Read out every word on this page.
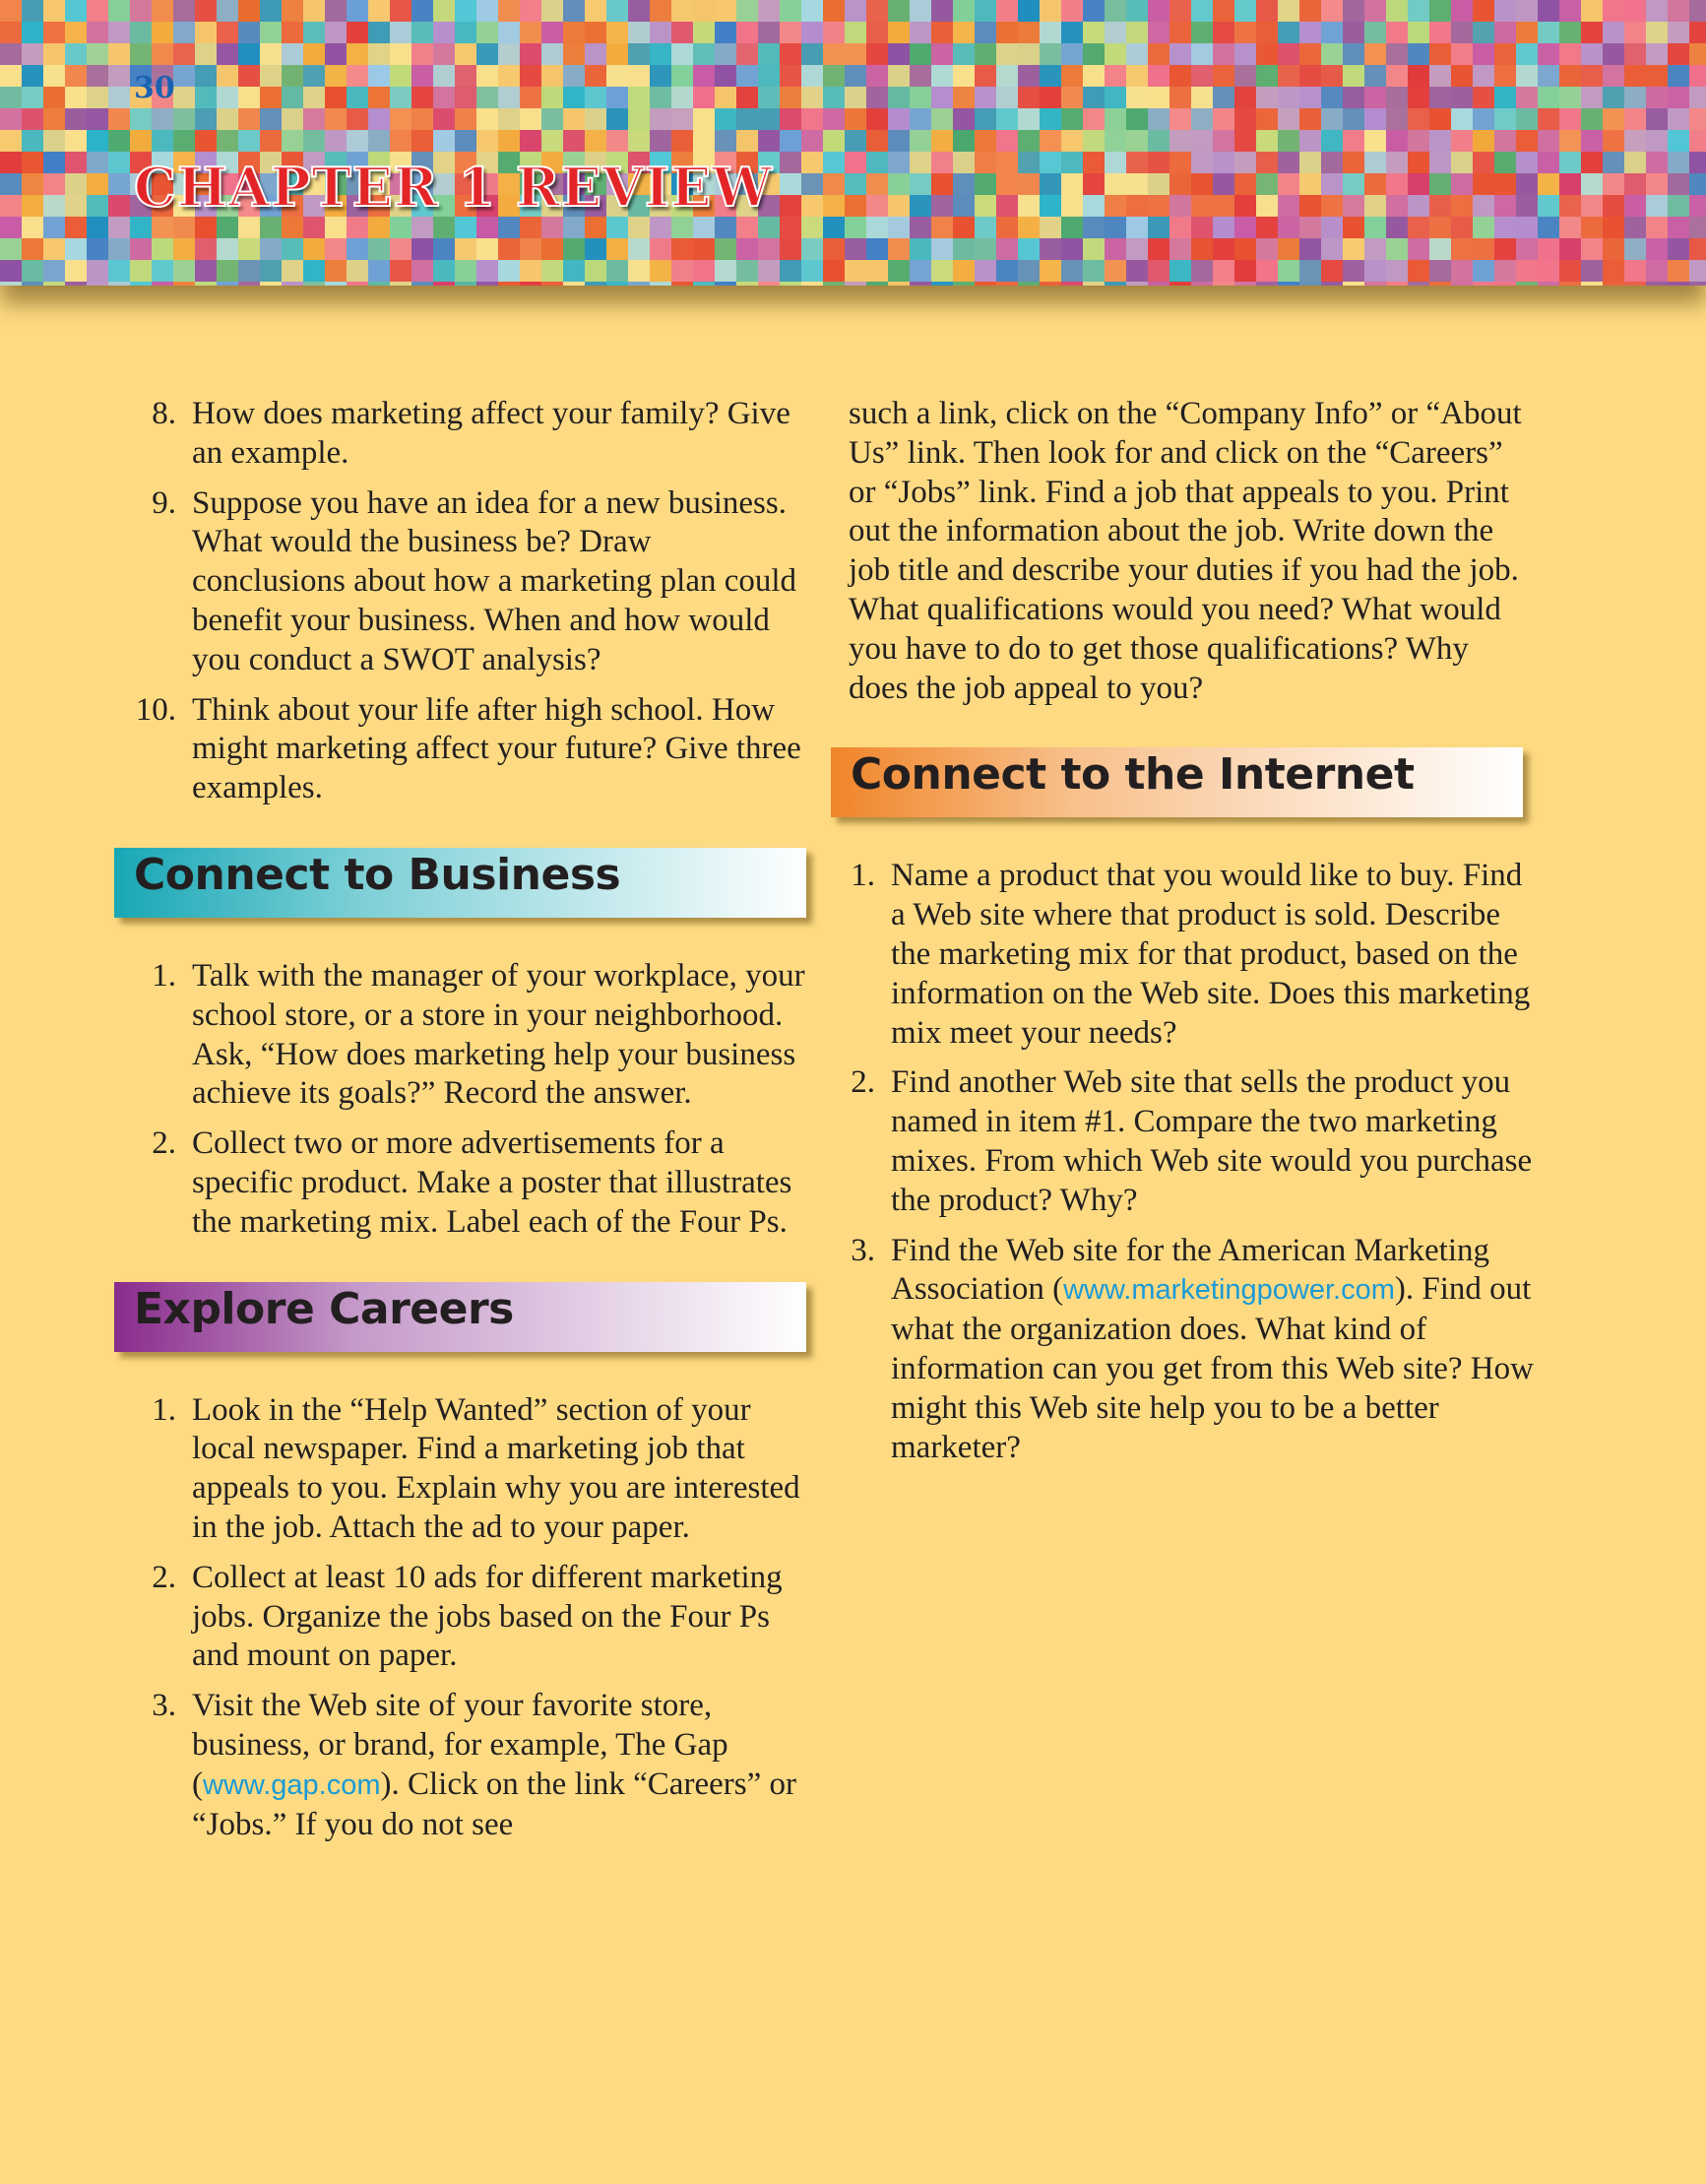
30
CHAPTER 1 REVIEW
8. How does marketing affect your family? Give an example.
9. Suppose you have an idea for a new business. What would the business be? Draw conclusions about how a marketing plan could benefit your business. When and how would you conduct a SWOT analysis?
10. Think about your life after high school. How might marketing affect your future? Give three examples.
Connect to Business
1. Talk with the manager of your workplace, your school store, or a store in your neighborhood. Ask, “How does marketing help your business achieve its goals?” Record the answer.
2. Collect two or more advertisements for a specific product. Make a poster that illustrates the marketing mix. Label each of the Four Ps.
Explore Careers
1. Look in the “Help Wanted” section of your local newspaper. Find a marketing job that appeals to you. Explain why you are interested in the job. Attach the ad to your paper.
2. Collect at least 10 ads for different marketing jobs. Organize the jobs based on the Four Ps and mount on paper.
3. Visit the Web site of your favorite store, business, or brand, for example, The Gap (www.gap.com). Click on the link “Careers” or “Jobs.” If you do not see
such a link, click on the “Company Info” or “About Us” link. Then look for and click on the “Careers” or “Jobs” link. Find a job that appeals to you. Print out the information about the job. Write down the job title and describe your duties if you had the job. What qualifications would you need? What would you have to do to get those qualifications? Why does the job appeal to you?
Connect to the Internet
1. Name a product that you would like to buy. Find a Web site where that product is sold. Describe the marketing mix for that product, based on the information on the Web site. Does this marketing mix meet your needs?
2. Find another Web site that sells the product you named in item #1. Compare the two marketing mixes. From which Web site would you purchase the product? Why?
3. Find the Web site for the American Marketing Association (www.marketingpower.com). Find out what the organization does. What kind of information can you get from this Web site? How might this Web site help you to be a better marketer?
